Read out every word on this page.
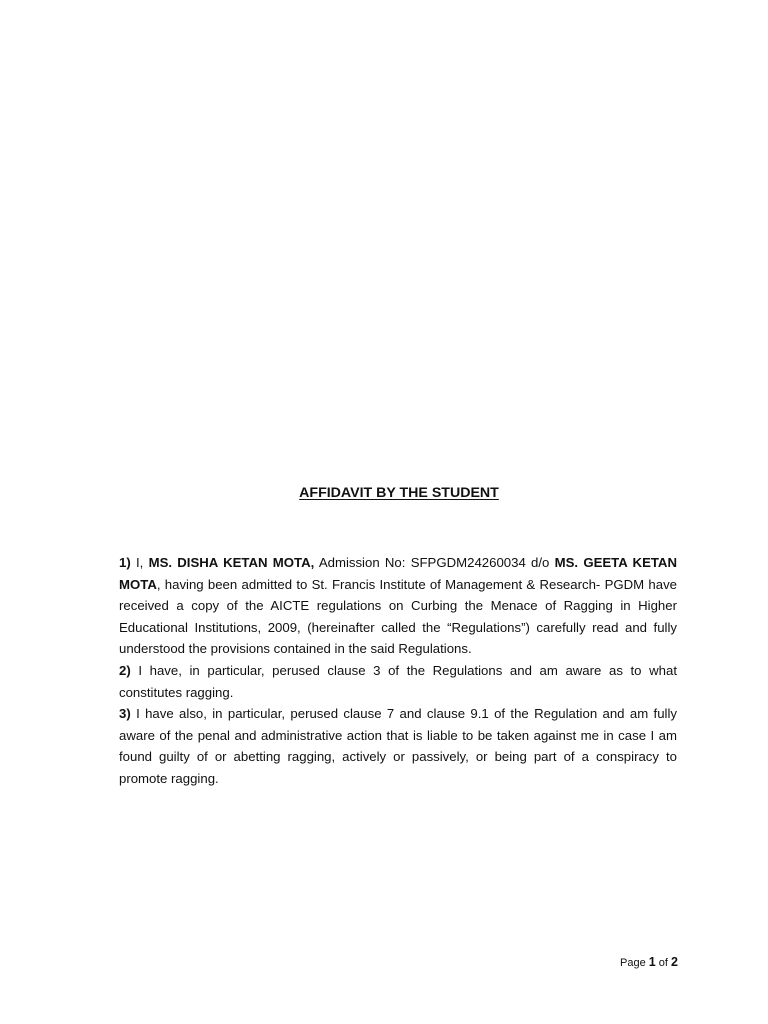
AFFIDAVIT BY THE STUDENT

1) I, MS. DISHA KETAN MOTA, Admission No: SFPGDM24260034 d/o MS. GEETA KETAN MOTA, having been admitted to St. Francis Institute of Management & Research- PGDM have received a copy of the AICTE regulations on Curbing the Menace of Ragging in Higher Educational Institutions, 2009, (hereinafter called the “Regulations”) carefully read and fully understood the provisions contained in the said Regulations.

2) I have, in particular, perused clause 3 of the Regulations and am aware as to what constitutes ragging.

3) I have also, in particular, perused clause 7 and clause 9.1 of the Regulation and am fully aware of the penal and administrative action that is liable to be taken against me in case I am found guilty of or abetting ragging, actively or passively, or being part of a conspiracy to promote ragging.

Page 1 of 2
